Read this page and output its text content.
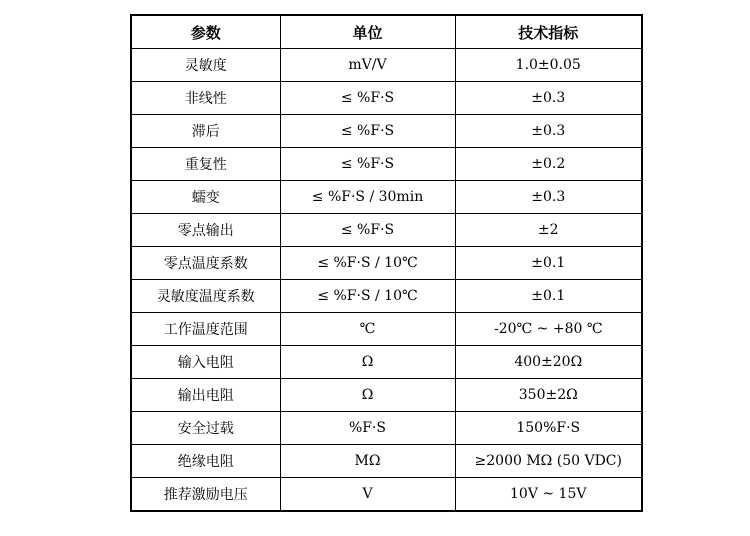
参数	单位	技术指标
灵敏度	mV/V	1.0±0.05
非线性	≤ %F·S	±0.3
滞后	≤ %F·S	±0.3
重复性	≤ %F·S	±0.2
蠕变	≤ %F·S / 30min	±0.3
零点输出	≤ %F·S	±2
零点温度系数	≤ %F·S / 10℃	±0.1
灵敏度温度系数	≤ %F·S / 10℃	±0.1
工作温度范围	℃	-20℃ ~ +80 ℃
输入电阻	Ω	400±20Ω
输出电阻	Ω	350±2Ω
安全过载	%F·S	150%F·S
绝缘电阻	MΩ	≥2000 MΩ (50 VDC)
推荐激励电压	V	10V ~ 15V
